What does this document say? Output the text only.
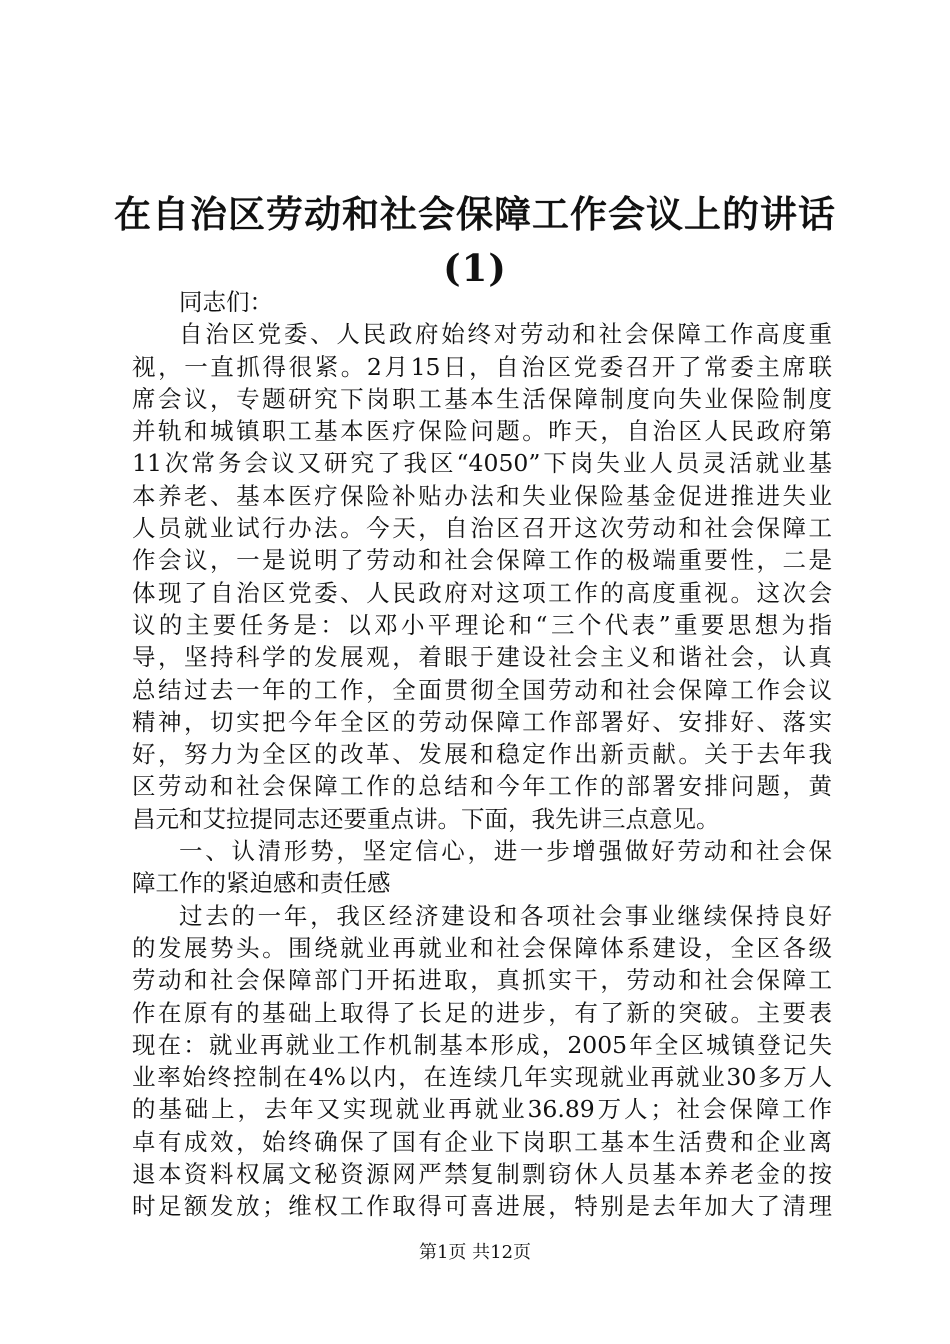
在自治区劳动和社会保障工作会议上的讲话
(1)
同志们：
自治区党委、人民政府始终对劳动和社会保障工作高度重
视，一直抓得很紧。2月15日，自治区党委召开了常委主席联
席会议，专题研究下岗职工基本生活保障制度向失业保险制度
并轨和城镇职工基本医疗保险问题。昨天，自治区人民政府第
11次常务会议又研究了我区“4050”下岗失业人员灵活就业基
本养老、基本医疗保险补贴办法和失业保险基金促进推进失业
人员就业试行办法。今天，自治区召开这次劳动和社会保障工
作会议，一是说明了劳动和社会保障工作的极端重要性，二是
体现了自治区党委、人民政府对这项工作的高度重视。这次会
议的主要任务是：以邓小平理论和“三个代表”重要思想为指
导，坚持科学的发展观，着眼于建设社会主义和谐社会，认真
总结过去一年的工作，全面贯彻全国劳动和社会保障工作会议
精神，切实把今年全区的劳动保障工作部署好、安排好、落实
好，努力为全区的改革、发展和稳定作出新贡献。关于去年我
区劳动和社会保障工作的总结和今年工作的部署安排问题，黄
昌元和艾拉提同志还要重点讲。下面，我先讲三点意见。
一、认清形势，坚定信心，进一步增强做好劳动和社会保
障工作的紧迫感和责任感
过去的一年，我区经济建设和各项社会事业继续保持良好
的发展势头。围绕就业再就业和社会保障体系建设，全区各级
劳动和社会保障部门开拓进取，真抓实干，劳动和社会保障工
作在原有的基础上取得了长足的进步，有了新的突破。主要表
现在：就业再就业工作机制基本形成，2005年全区城镇登记失
业率始终控制在4%以内，在连续几年实现就业再就业30多万人
的基础上，去年又实现就业再就业36.89万人；社会保障工作
卓有成效，始终确保了国有企业下岗职工基本生活费和企业离
退本资料权属文秘资源网严禁复制剽窃休人员基本养老金的按
时足额发放；维权工作取得可喜进展，特别是去年加大了清理
第1页 共12页
